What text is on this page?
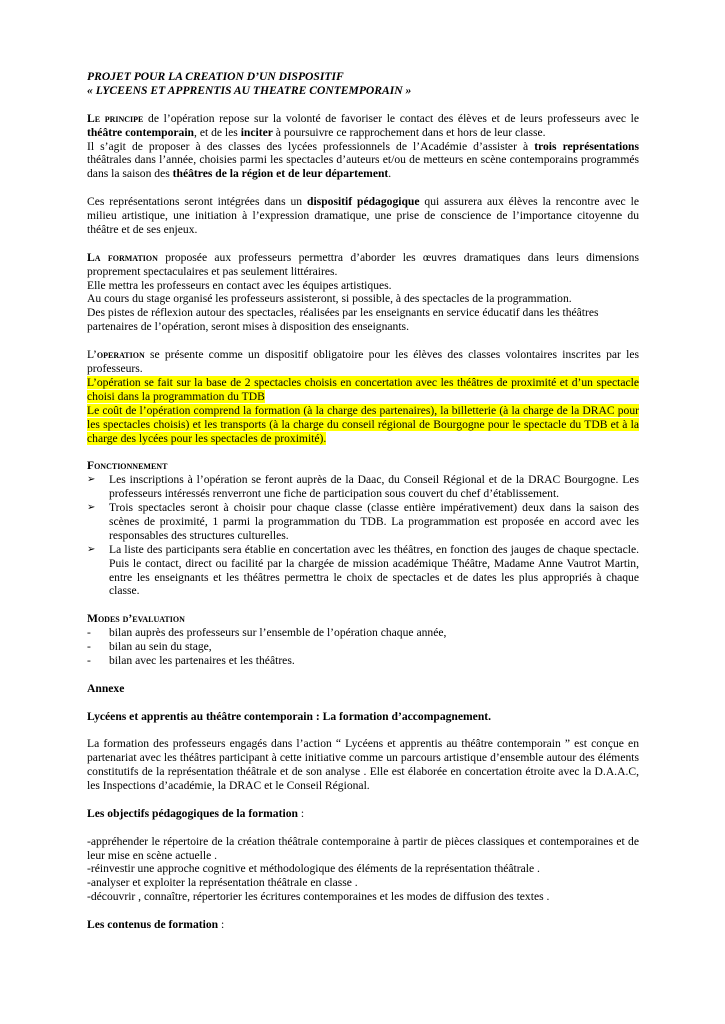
PROJET POUR LA CREATION D’UN DISPOSITIF

« LYCEENS ET APPRENTIS AU THEATRE CONTEMPORAIN »

Le principe de l’opération repose sur la volonté de favoriser le contact des élèves et de leurs professeurs avec le théâtre contemporain, et de les inciter à poursuivre ce rapprochement dans et hors de leur classe.

Il s’agit de proposer à des classes des lycées professionnels de l’Académie d’assister à trois représentations théâtrales dans l’année, choisies parmi les spectacles d’auteurs et/ou de metteurs en scène contemporains programmés dans la saison des théâtres de la région et de leur département.

Ces représentations seront intégrées dans un dispositif pédagogique qui assurera aux élèves la rencontre avec le milieu artistique, une initiation à l’expression dramatique, une prise de conscience de l’importance citoyenne du théâtre et de ses enjeux.

La formation proposée aux professeurs permettra d’aborder les œuvres dramatiques dans leurs dimensions proprement spectaculaires et pas seulement littéraires.

Elle mettra les professeurs en contact avec les équipes artistiques.

Au cours du stage organisé les professeurs assisteront, si possible, à des spectacles de la programmation.

Des pistes de réflexion autour des spectacles, réalisées par les enseignants en service éducatif dans les théâtres partenaires de l’opération, seront mises à disposition des enseignants.

L’operation se présente comme un dispositif obligatoire pour les élèves des classes volontaires inscrites par les professeurs.

L’opération se fait sur la base de 2 spectacles choisis en concertation avec les théâtres de proximité et d’un spectacle choisi dans la programmation du TDB

Le coût de l’opération comprend la formation (à la charge des partenaires), la billetterie (à la charge de la DRAC pour les spectacles choisis) et les transports (à la charge du conseil régional de Bourgogne pour le spectacle du TDB et à la charge des lycées pour les spectacles de proximité).

Fonctionnement

➢ Les inscriptions à l’opération se feront auprès de la Daac, du Conseil Régional et de la DRAC Bourgogne. Les professeurs intéressés renverront une fiche de participation sous couvert du chef d’établissement.
➢ Trois spectacles seront à choisir pour chaque classe (classe entière impérativement) deux dans la saison des scènes de proximité, 1 parmi la programmation du TDB. La programmation est proposée en accord avec les responsables des structures culturelles.
➢ La liste des participants sera établie en concertation avec les théâtres, en fonction des jauges de chaque spectacle. Puis le contact, direct ou facilité par la chargée de mission académique Théâtre, Madame Anne Vautrot Martin, entre les enseignants et les théâtres permettra le choix de spectacles et de dates les plus appropriés à chaque classe.

Modes d’evaluation

- bilan auprès des professeurs sur l’ensemble de l’opération chaque année,
- bilan au sein du stage,
- bilan avec les partenaires et les théâtres.

Annexe

Lycéens et apprentis au théâtre contemporain : La formation d’accompagnement.

La formation des professeurs engagés dans l’action “ Lycéens et apprentis au théâtre contemporain ” est conçue en partenariat avec les théâtres participant à cette initiative comme un parcours artistique d’ensemble autour des éléments constitutifs de la représentation théâtrale et de son analyse . Elle est élaborée en concertation étroite avec la D.A.A.C, les Inspections d’académie, la DRAC et le Conseil Régional.

Les objectifs pédagogiques de la formation :

-appréhender le répertoire de la création théâtrale contemporaine à partir de pièces classiques et contemporaines et de leur mise en scène actuelle .

-réinvestir une approche cognitive et méthodologique des éléments de la représentation théâtrale .

-analyser et exploiter la représentation théâtrale en classe .

-découvrir , connaître, répertorier les écritures contemporaines et les modes de diffusion des textes .

Les contenus de formation :
